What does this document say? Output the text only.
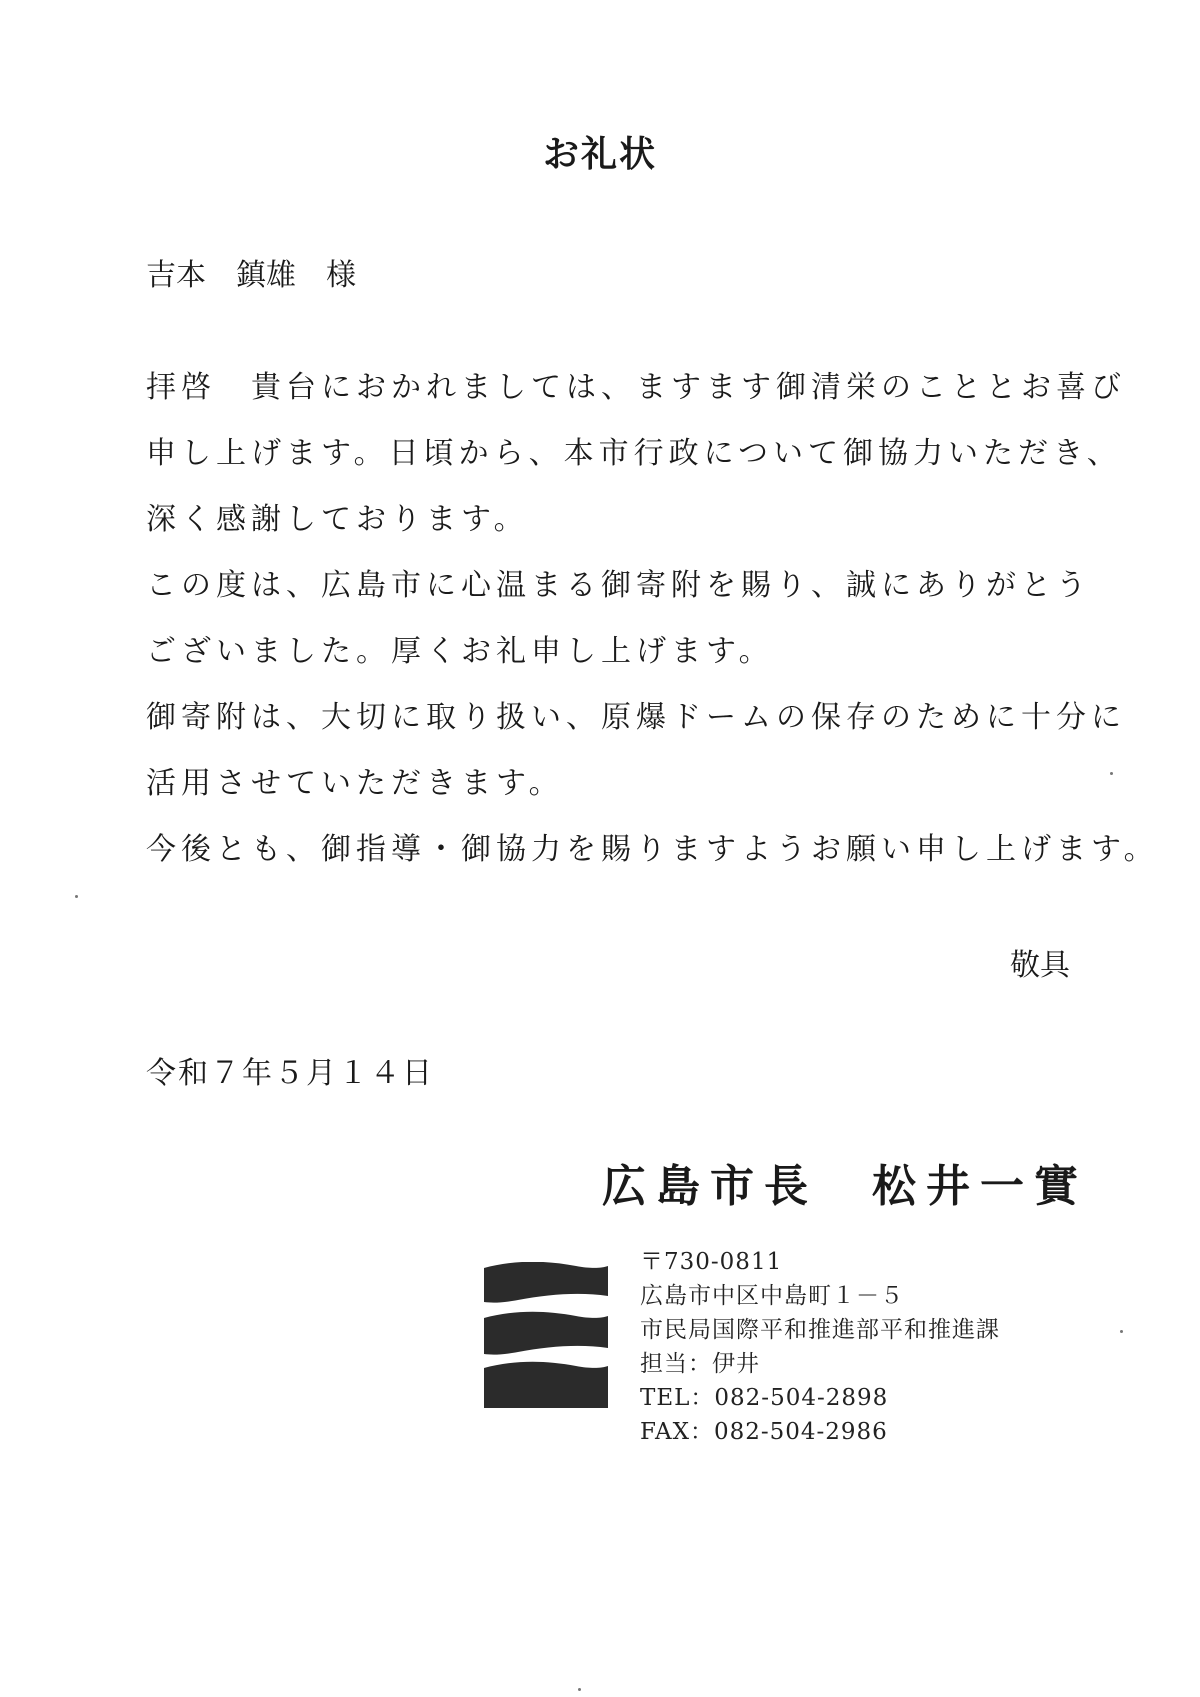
お礼状
吉本　鎮雄　様
拝啓　貴台におかれましては、ますます御清栄のこととお喜び
申し上げます。日頃から、本市行政について御協力いただき、
深く感謝しております。
この度は、広島市に心温まる御寄附を賜り、誠にありがとう
ございました。厚くお礼申し上げます。
御寄附は、大切に取り扱い、原爆ドームの保存のために十分に
活用させていただきます。
今後とも、御指導・御協力を賜りますようお願い申し上げます。
敬具
令和７年５月１４日
広島市長　松井一實
〒730-0811
広島市中区中島町１－５
市民局国際平和推進部平和推進課
担当：伊井
TEL：082-504-2898
FAX：082-504-2986
